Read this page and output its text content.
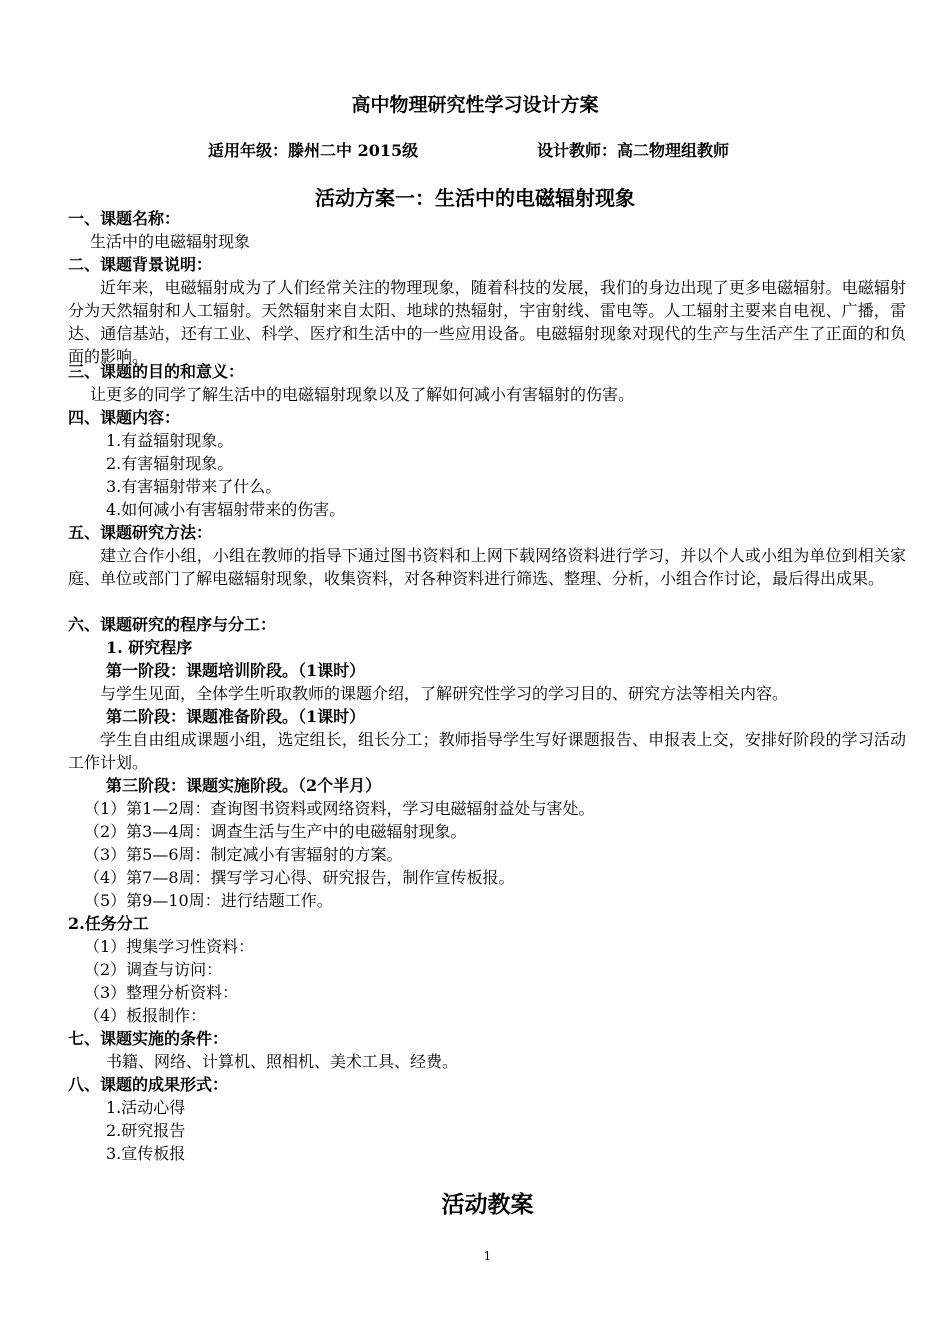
高中物理研究性学习设计方案
适用年级：滕州二中 2015级	设计教师：高二物理组教师
活动方案一：生活中的电磁辐射现象
一、课题名称：
生活中的电磁辐射现象
二、课题背景说明：
近年来，电磁辐射成为了人们经常关注的物理现象，随着科技的发展，我们的身边出现了更多电磁辐射。电磁辐射分为天然辐射和人工辐射。天然辐射来自太阳、地球的热辐射，宇宙射线、雷电等。人工辐射主要来自电视、广播，雷达、通信基站，还有工业、科学、医疗和生活中的一些应用设备。电磁辐射现象对现代的生产与生活产生了正面的和负面的影响。
三、课题的目的和意义：
让更多的同学了解生活中的电磁辐射现象以及了解如何减小有害辐射的伤害。
四、课题内容：
1.有益辐射现象。
2.有害辐射现象。
3.有害辐射带来了什么。
4.如何减小有害辐射带来的伤害。
五、课题研究方法：
建立合作小组，小组在教师的指导下通过图书资料和上网下载网络资料进行学习，并以个人或小组为单位到相关家庭、单位或部门了解电磁辐射现象，收集资料，对各种资料进行筛选、整理、分析，小组合作讨论，最后得出成果。
六、课题研究的程序与分工：
1. 研究程序
第一阶段：课题培训阶段。（1课时）
与学生见面，全体学生听取教师的课题介绍，了解研究性学习的学习目的、研究方法等相关内容。
第二阶段：课题准备阶段。（1课时）
学生自由组成课题小组，选定组长，组长分工；教师指导学生写好课题报告、申报表上交，安排好阶段的学习活动工作计划。
第三阶段：课题实施阶段。（2个半月）
（1）第1—2周：查询图书资料或网络资料，学习电磁辐射益处与害处。
（2）第3—4周：调查生活与生产中的电磁辐射现象。
（3）第5—6周：制定减小有害辐射的方案。
（4）第7—8周：撰写学习心得、研究报告，制作宣传板报。
（5）第9—10周：进行结题工作。
2.任务分工
（1）搜集学习性资料：
（2）调查与访问：
（3）整理分析资料：
（4）板报制作：
七、课题实施的条件：
书籍、网络、计算机、照相机、美术工具、经费。
八、课题的成果形式：
1.活动心得
2.研究报告
3.宣传板报
活动教案
1
